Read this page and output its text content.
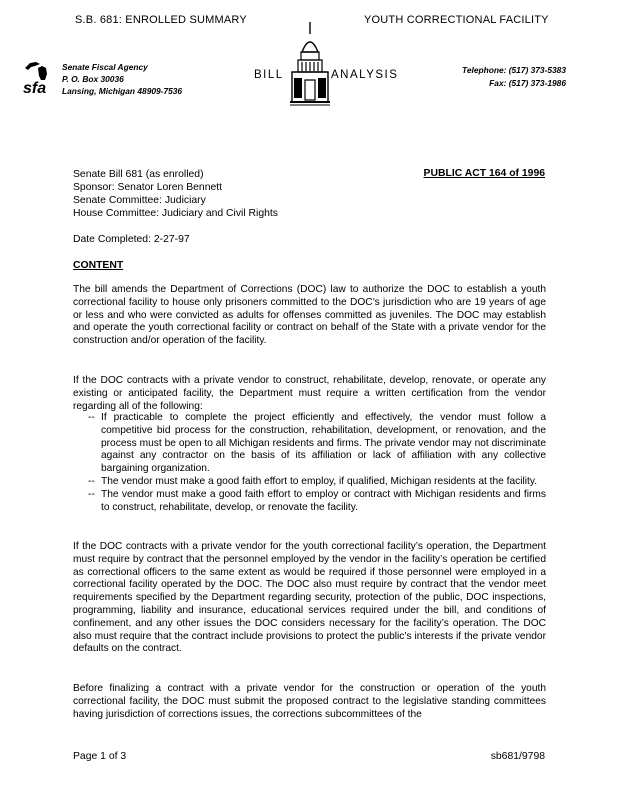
S.B. 681: ENROLLED SUMMARY	YOUTH CORRECTIONAL FACILITY
sfa
Senate Fiscal Agency
P. O. Box 30036
Lansing, Michigan 48909-7536
BILL	ANALYSIS	Telephone: (517) 373-5383
Fax: (517) 373-1986
Senate Bill 681 (as enrolled)
Sponsor: Senator Loren Bennett
Senate Committee: Judiciary
House Committee: Judiciary and Civil Rights
PUBLIC ACT 164 of 1996
Date Completed: 2-27-97
CONTENT
The bill amends the Department of Corrections (DOC) law to authorize the DOC to establish a youth correctional facility to house only prisoners committed to the DOC’s jurisdiction who are 19 years of age or less and who were convicted as adults for offenses committed as juveniles. The DOC may establish and operate the youth correctional facility or contract on behalf of the State with a private vendor for the construction and/or operation of the facility.
If the DOC contracts with a private vendor to construct, rehabilitate, develop, renovate, or operate any existing or anticipated facility, the Department must require a written certification from the vendor regarding all of the following:
-- If practicable to complete the project efficiently and effectively, the vendor must follow a competitive bid process for the construction, rehabilitation, development, or renovation, and the process must be open to all Michigan residents and firms. The private vendor may not discriminate against any contractor on the basis of its affiliation or lack of affiliation with any collective bargaining organization.
-- The vendor must make a good faith effort to employ, if qualified, Michigan residents at the facility.
-- The vendor must make a good faith effort to employ or contract with Michigan residents and firms to construct, rehabilitate, develop, or renovate the facility.
If the DOC contracts with a private vendor for the youth correctional facility’s operation, the Department must require by contract that the personnel employed by the vendor in the facility’s operation be certified as correctional officers to the same extent as would be required if those personnel were employed in a correctional facility operated by the DOC. The DOC also must require by contract that the vendor meet requirements specified by the Department regarding security, protection of the public, DOC inspections, programming, liability and insurance, educational services required under the bill, and conditions of confinement, and any other issues the DOC considers necessary for the facility’s operation. The DOC also must require that the contract include provisions to protect the public’s interests if the private vendor defaults on the contract.
Before finalizing a contract with a private vendor for the construction or operation of the youth correctional facility, the DOC must submit the proposed contract to the legislative standing committees having jurisdiction of corrections issues, the corrections subcommittees of the
Page 1 of 3	sb681/9798
